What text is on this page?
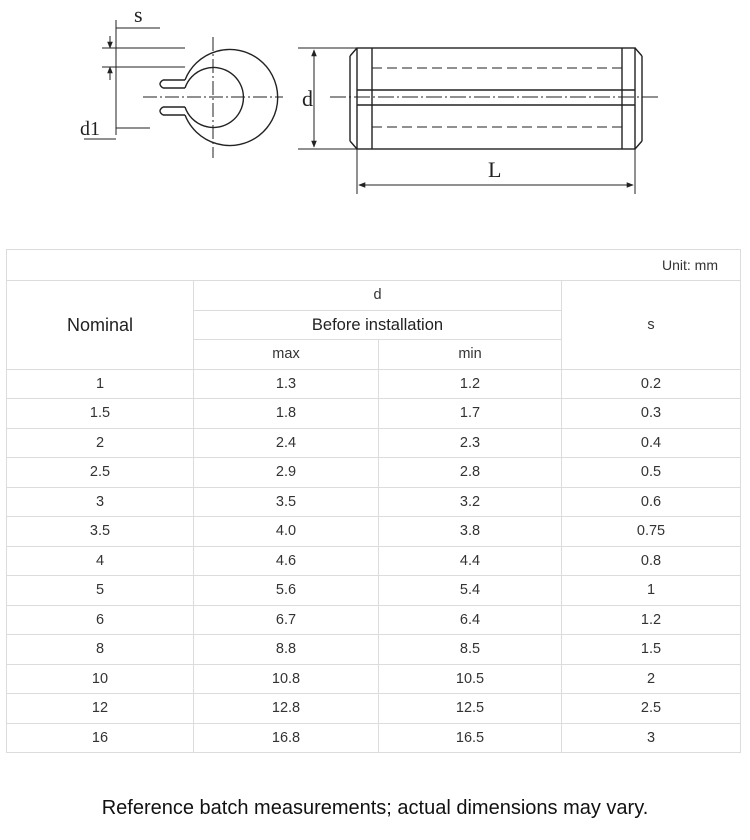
s
d1
d
L
Unit: mm			
Nominal	d		s
	Before installation		
	max	min	
1	1.3	1.2	0.2
1.5	1.8	1.7	0.3
2	2.4	2.3	0.4
2.5	2.9	2.8	0.5
3	3.5	3.2	0.6
3.5	4.0	3.8	0.75
4	4.6	4.4	0.8
5	5.6	5.4	1
6	6.7	6.4	1.2
8	8.8	8.5	1.5
10	10.8	10.5	2
12	12.8	12.5	2.5
16	16.8	16.5	3
Reference batch measurements; actual dimensions may vary.
